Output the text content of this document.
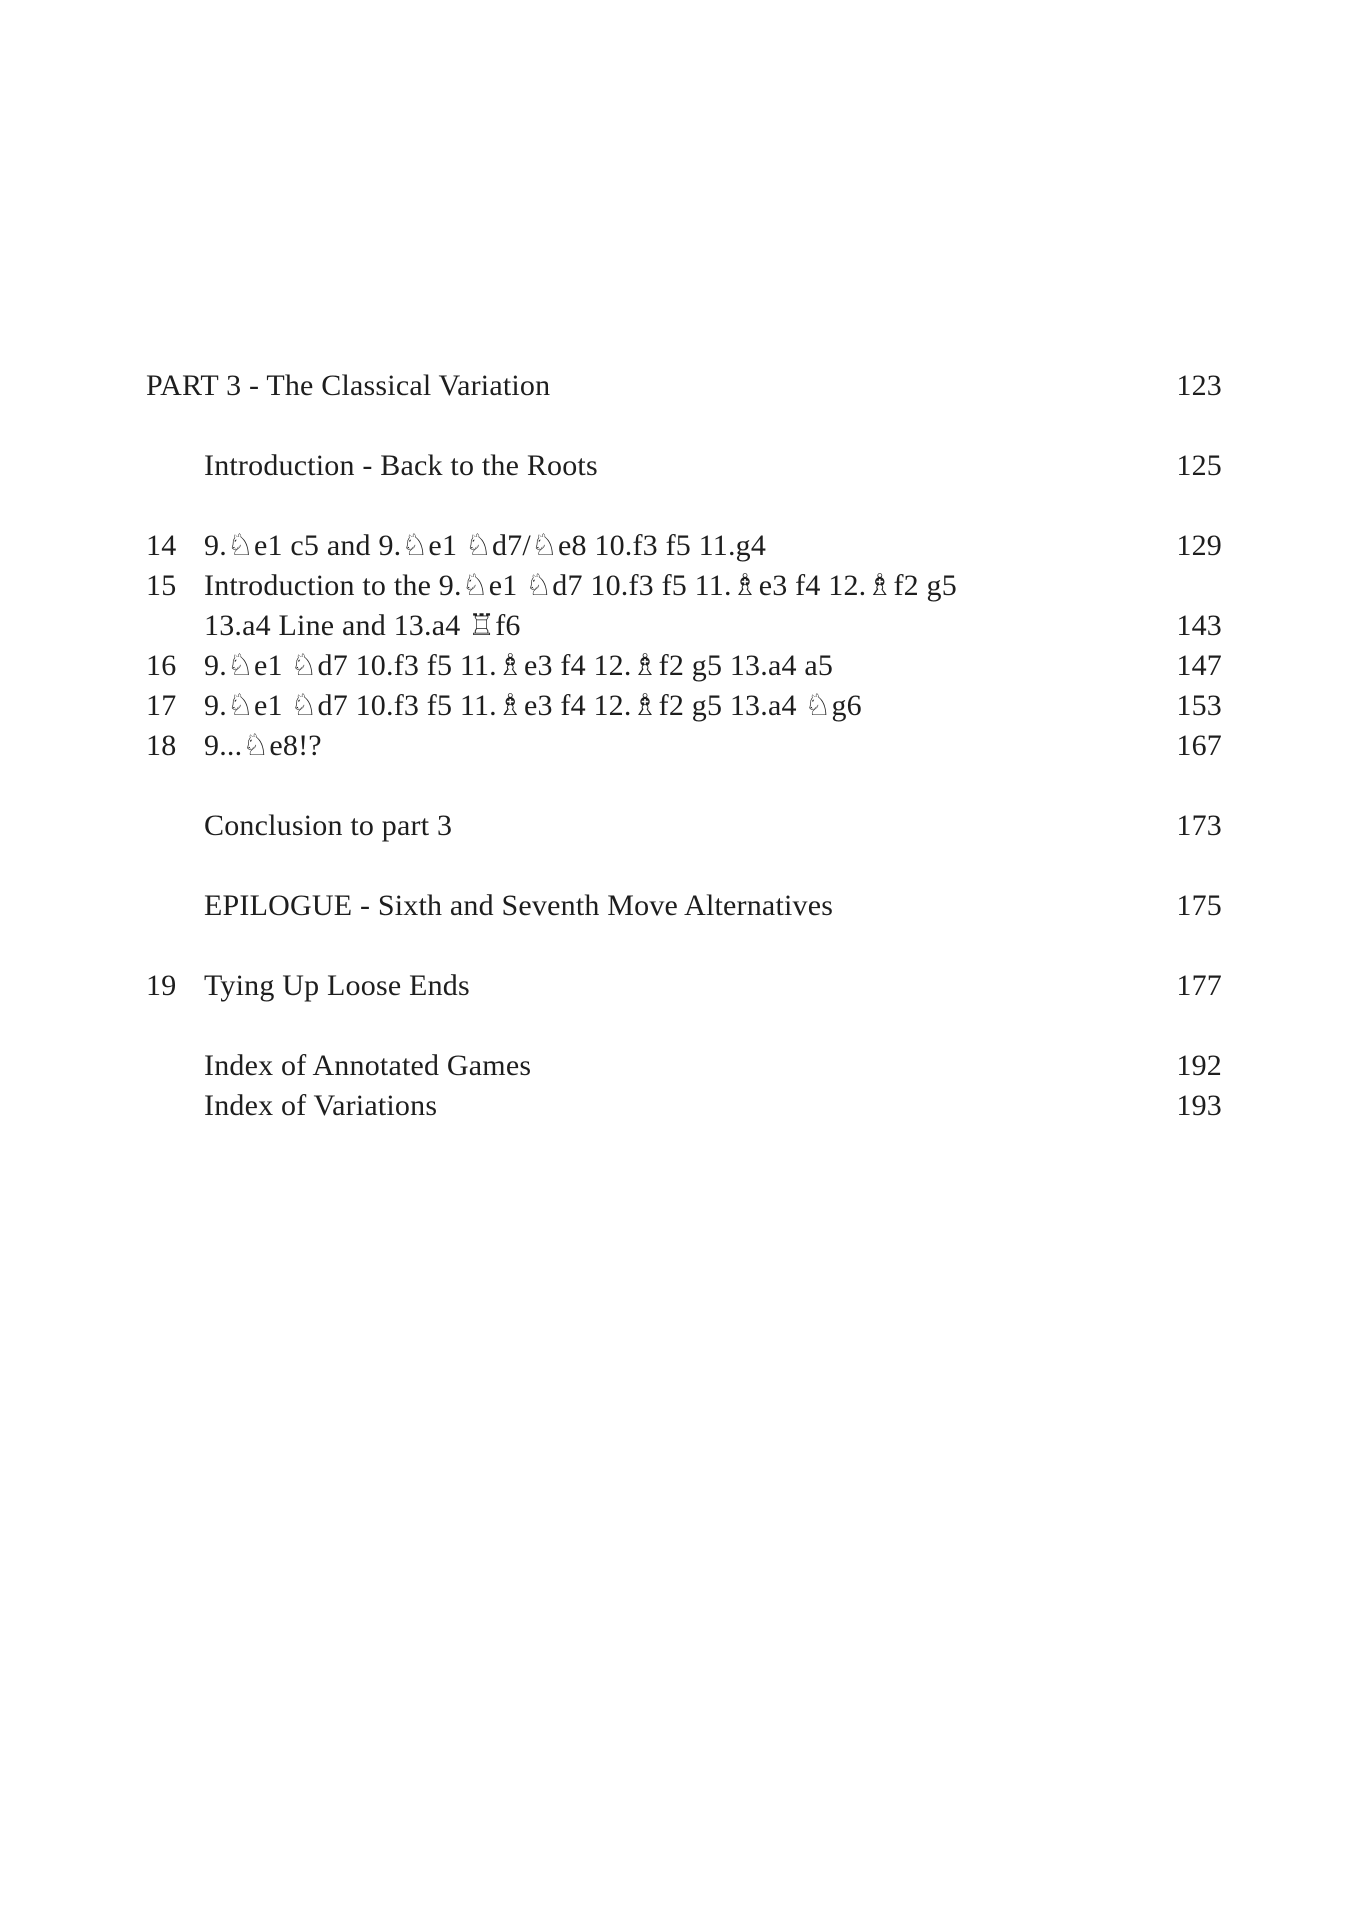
PART 3 - The Classical Variation	123
Introduction - Back to the Roots	125
14 9.♘e1 c5 and 9.♘e1 ♘d7/♘e8 10.f3 f5 11.g4	129
15 Introduction to the 9.♘e1 ♘d7 10.f3 f5 11.♗e3 f4 12.♗f2 g5
13.a4 Line and 13.a4 ♖f6	143
16 9.♘e1 ♘d7 10.f3 f5 11.♗e3 f4 12.♗f2 g5 13.a4 a5	147
17 9.♘e1 ♘d7 10.f3 f5 11.♗e3 f4 12.♗f2 g5 13.a4 ♘g6	153
18 9...♘e8!?	167
Conclusion to part 3	173
EPILOGUE - Sixth and Seventh Move Alternatives	175
19 Tying Up Loose Ends	177
Index of Annotated Games	192
Index of Variations	193
